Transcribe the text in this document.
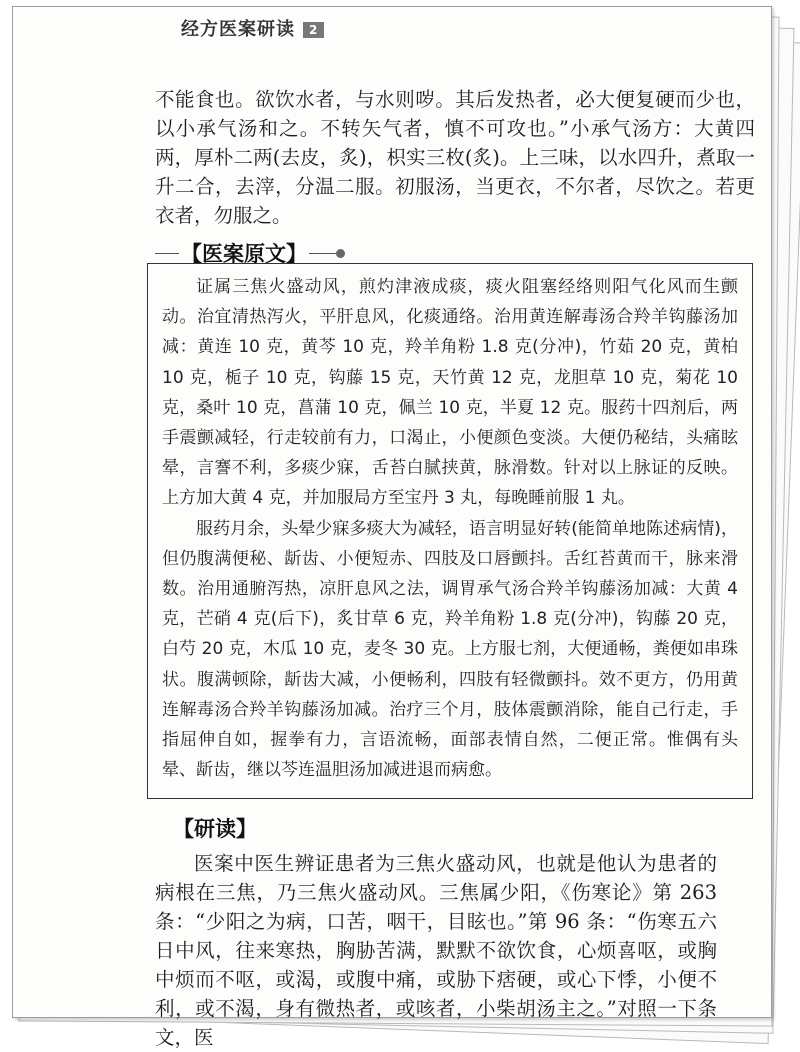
经方医案研读 2
不能食也。欲饮水者，与水则哕。其后发热者，必大便复硬而少也，以小承气汤和之。不转矢气者，慎不可攻也。”小承气汤方：大黄四两，厚朴二两(去皮，炙)，枳实三枚(炙)。上三味，以水四升，煮取一升二合，去滓，分温二服。初服汤，当更衣，不尔者，尽饮之。若更衣者，勿服之。
【医案原文】

证属三焦火盛动风，煎灼津液成痰，痰火阻塞经络则阳气化风而生颤动。治宜清热泻火，平肝息风，化痰通络。治用黄连解毒汤合羚羊钩藤汤加减：黄连 10 克，黄芩 10 克，羚羊角粉 1.8 克(分冲)，竹茹 20 克，黄柏 10 克，栀子 10 克，钩藤 15 克，天竹黄 12 克，龙胆草 10 克，菊花 10 克，桑叶 10 克，菖蒲 10 克，佩兰 10 克，半夏 12 克。服药十四剂后，两手震颤减轻，行走较前有力，口渴止，小便颜色变淡。大便仍秘结，头痛眩晕，言謇不利，多痰少寐，舌苔白腻挟黄，脉滑数。针对以上脉证的反映。上方加大黄 4 克，并加服局方至宝丹 3 丸，每晚睡前服 1 丸。

服药月余，头晕少寐多痰大为减轻，语言明显好转(能简单地陈述病情)，但仍腹满便秘、龂齿、小便短赤、四肢及口唇颤抖。舌红苔黄而干，脉来滑数。治用通腑泻热，凉肝息风之法，调胃承气汤合羚羊钩藤汤加减：大黄 4 克，芒硝 4 克(后下)，炙甘草 6 克，羚羊角粉 1.8 克(分冲)，钩藤 20 克，白芍 20 克，木瓜 10 克，麦冬 30 克。上方服七剂，大便通畅，粪便如串珠状。腹满顿除，龂齿大减，小便畅利，四肢有轻微颤抖。效不更方，仍用黄连解毒汤合羚羊钩藤汤加减。治疗三个月，肢体震颤消除，能自己行走，手指屈伸自如，握拳有力，言语流畅，面部表情自然，二便正常。惟偶有头晕、龂齿，继以芩连温胆汤加减进退而病愈。

【研读】
医案中医生辨证患者为三焦火盛动风，也就是他认为患者的病根在三焦，乃三焦火盛动风。三焦属少阳，《伤寒论》第 263 条：“少阳之为病，口苦，咽干，目眩也。”第 96 条：“伤寒五六日中风，往来寒热，胸胁苦满，默默不欲饮食，心烦喜呕，或胸中烦而不呕，或渴，或腹中痛，或胁下痞硬，或心下悸，小便不利，或不渴，身有微热者，或咳者，小柴胡汤主之。”对照一下条文，医
